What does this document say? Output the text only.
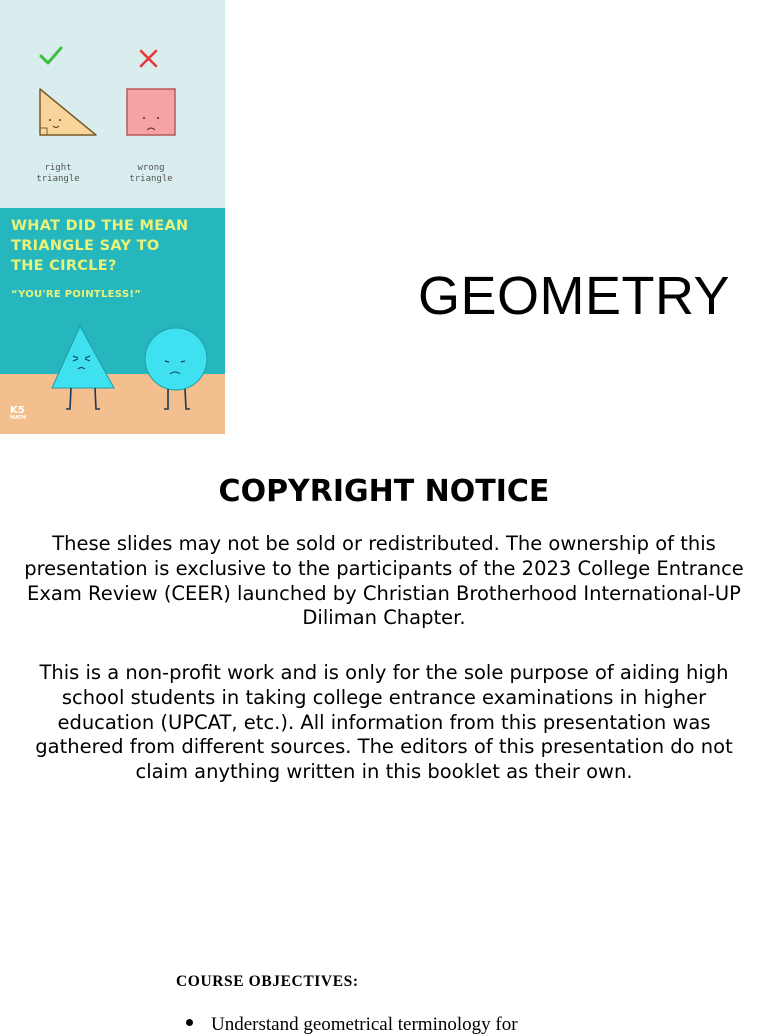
right
triangle
wrong
triangle
WHAT DID THE MEAN
TRIANGLE SAY TO
THE CIRCLE?
“YOU'RE POINTLESS!”
K5
MATH
GEOMETRY
COPYRIGHT NOTICE

These slides may not be sold or redistributed. The ownership of this presentation is exclusive to the participants of the 2023 College Entrance Exam Review (CEER) launched by Christian Brotherhood International-UP Diliman Chapter.

This is a non-profit work and is only for the sole purpose of aiding high school students in taking college entrance examinations in higher education (UPCAT, etc.). All information from this presentation was gathered from different sources. The editors of this presentation do not claim anything written in this booklet as their own.

COURSE OBJECTIVES:
Understand geometrical terminology for
